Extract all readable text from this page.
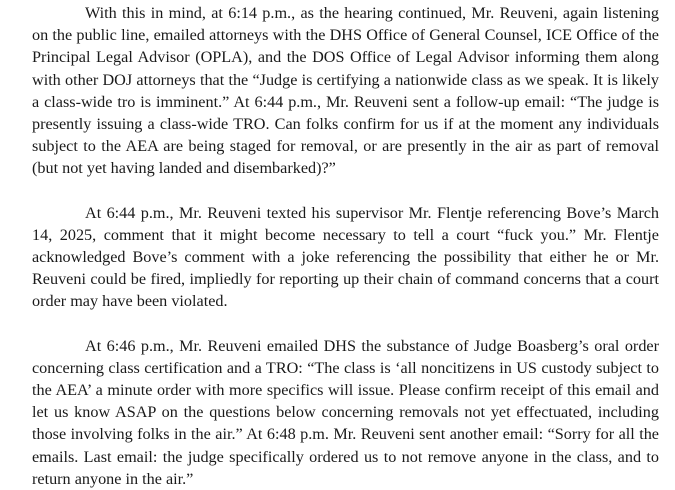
With this in mind, at 6:14 p.m., as the hearing continued, Mr. Reuveni, again listening on the public line, emailed attorneys with the DHS Office of General Counsel, ICE Office of the Principal Legal Advisor (OPLA), and the DOS Office of Legal Advisor informing them along with other DOJ attorneys that the “Judge is certifying a nationwide class as we speak. It is likely a class-wide tro is imminent.” At 6:44 p.m., Mr. Reuveni sent a follow-up email: “The judge is presently issuing a class-wide TRO. Can folks confirm for us if at the moment any individuals subject to the AEA are being staged for removal, or are presently in the air as part of removal (but not yet having landed and disembarked)?”

At 6:44 p.m., Mr. Reuveni texted his supervisor Mr. Flentje referencing Bove’s March 14, 2025, comment that it might become necessary to tell a court “fuck you.” Mr. Flentje acknowledged Bove’s comment with a joke referencing the possibility that either he or Mr. Reuveni could be fired, impliedly for reporting up their chain of command concerns that a court order may have been violated.

At 6:46 p.m., Mr. Reuveni emailed DHS the substance of Judge Boasberg’s oral order concerning class certification and a TRO: “The class is ‘all noncitizens in US custody subject to the AEA’ a minute order with more specifics will issue. Please confirm receipt of this email and let us know ASAP on the questions below concerning removals not yet effectuated, including those involving folks in the air.” At 6:48 p.m. Mr. Reuveni sent another email: “Sorry for all the emails. Last email: the judge specifically ordered us to not remove anyone in the class, and to return anyone in the air.”
